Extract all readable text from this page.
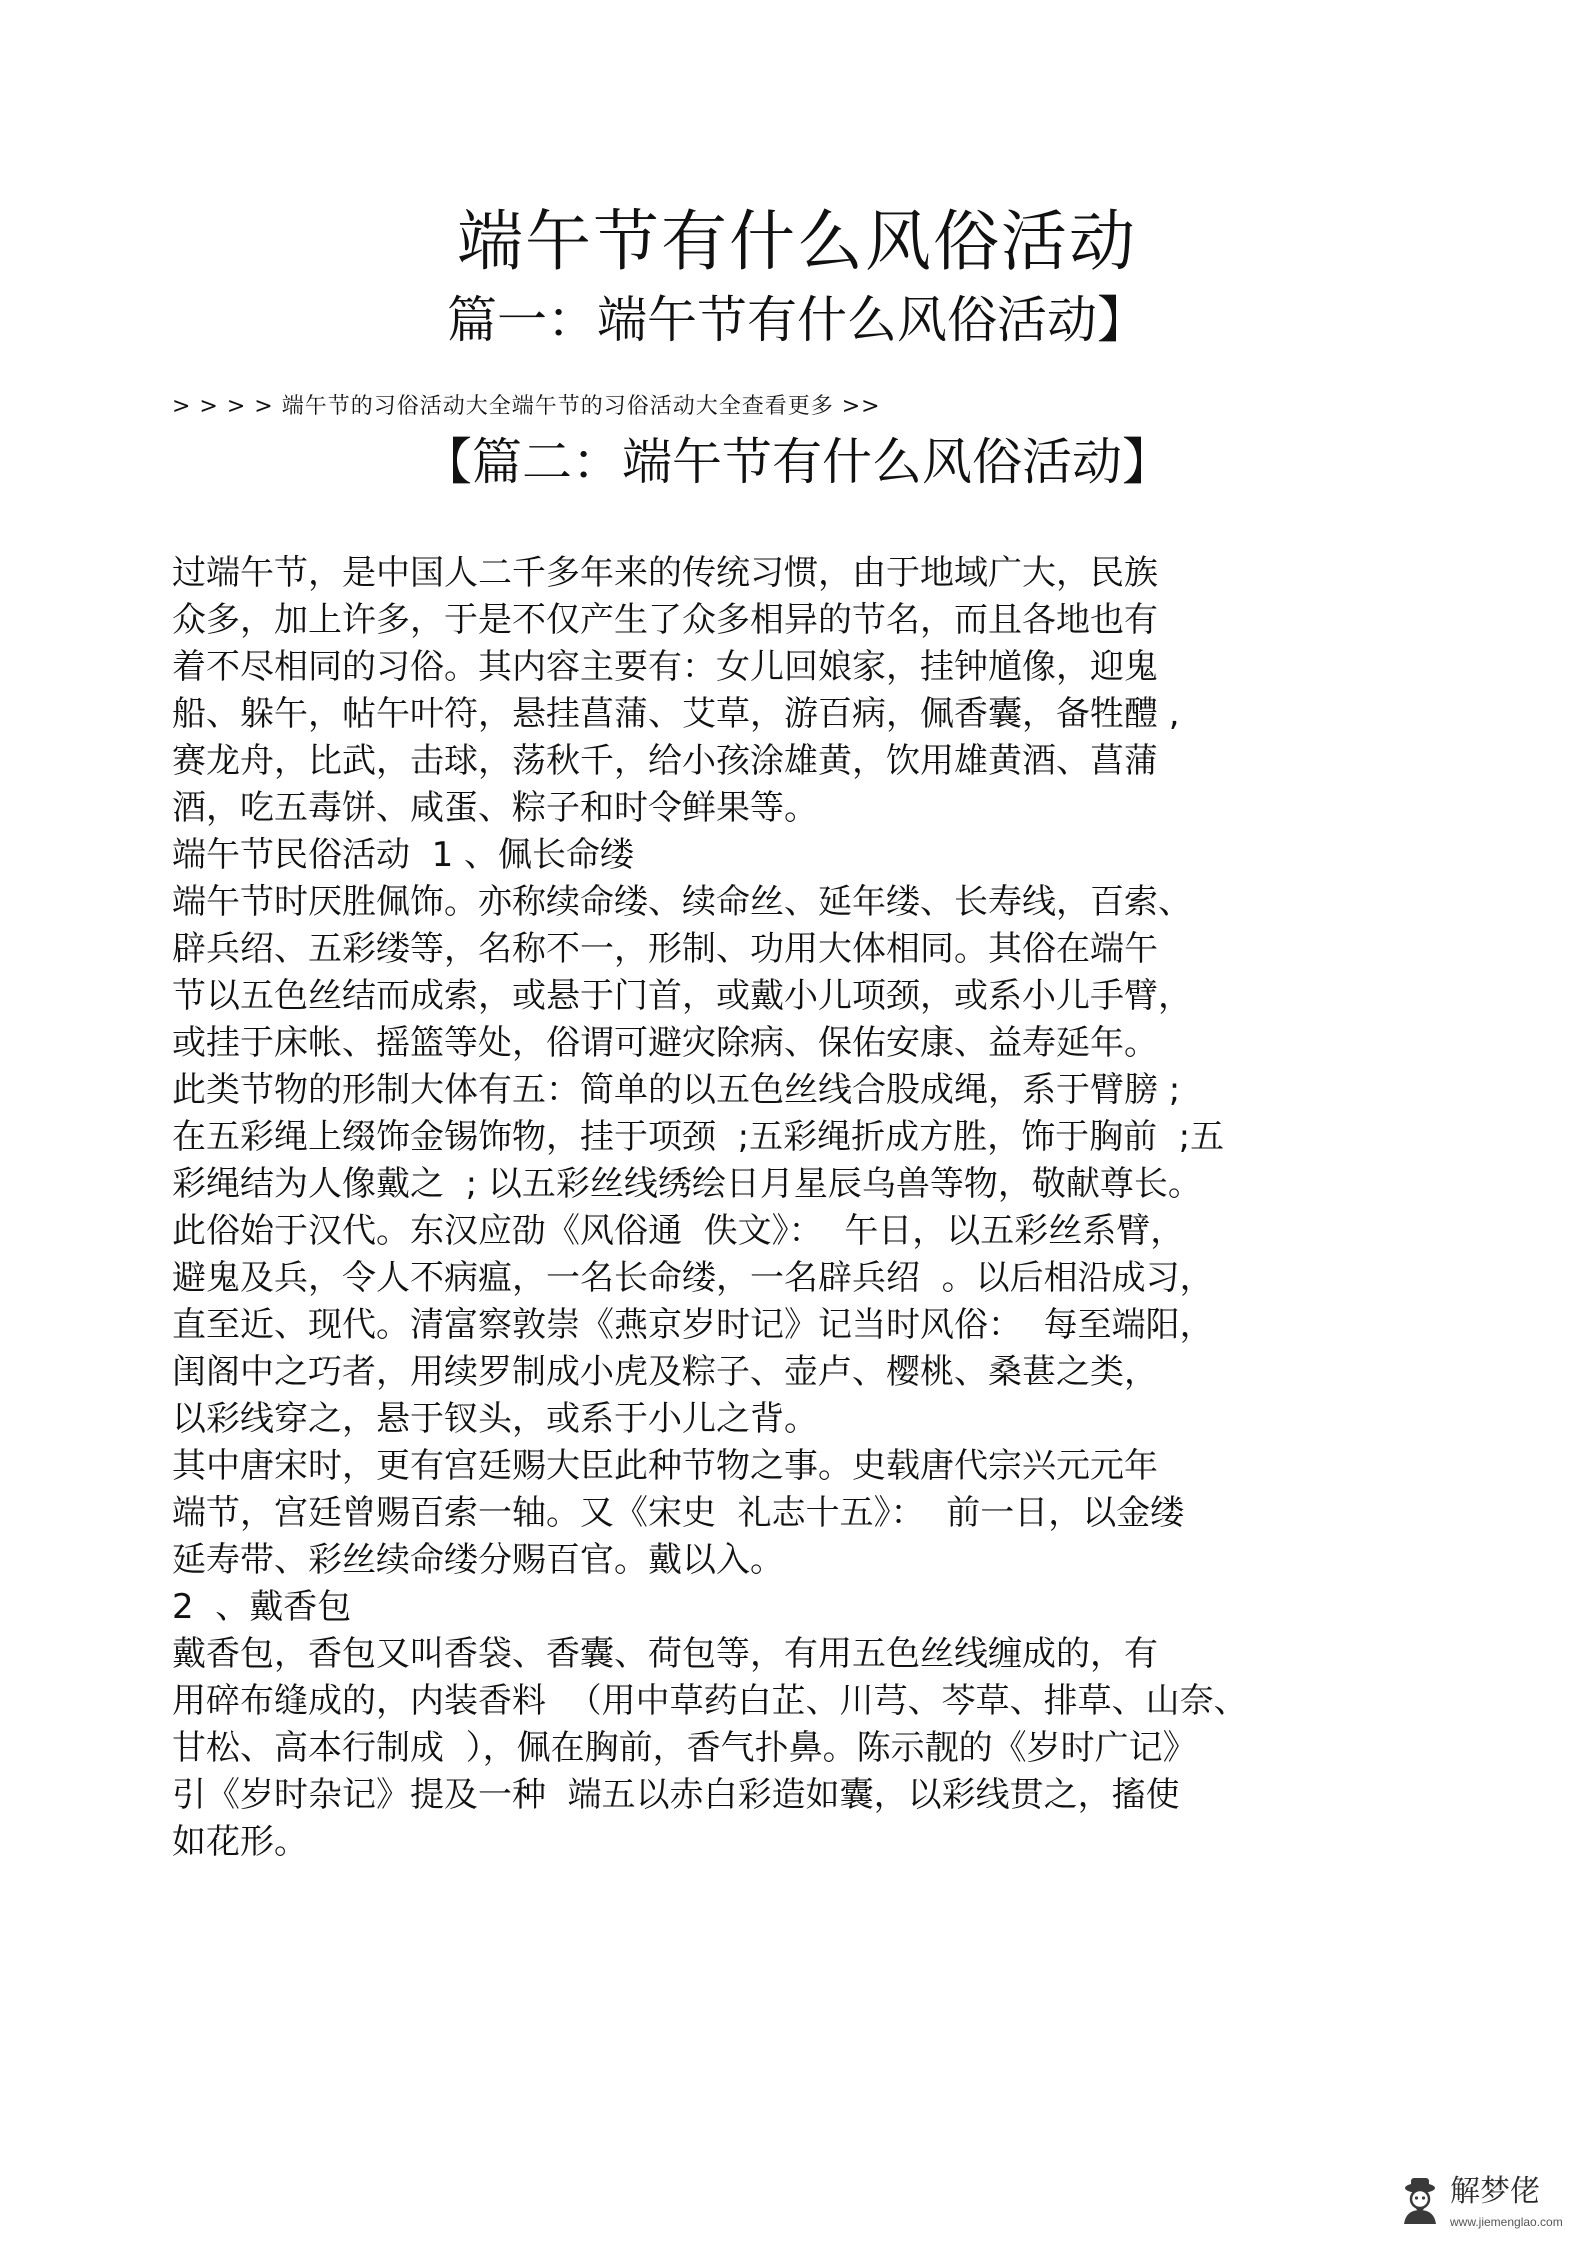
端午节有什么风俗活动
篇一：端午节有什么风俗活动】
> > > > 端午节的习俗活动大全端午节的习俗活动大全查看更多 >>
【篇二：端午节有什么风俗活动】
过端午节，是中国人二千多年来的传统习惯，由于地域广大，民族
众多，加上许多，于是不仅产生了众多相异的节名，而且各地也有
着不尽相同的习俗。其内容主要有：女儿回娘家，挂钟馗像，迎鬼
船、躲午，帖午叶符，悬挂菖蒲、艾草，游百病，佩香囊，备牲醴 ,
赛龙舟，比武，击球，荡秋千，给小孩涂雄黄，饮用雄黄酒、菖蒲
酒，吃五毒饼、咸蛋、粽子和时令鲜果等。
端午节民俗活动  1 、佩长命缕
端午节时厌胜佩饰。亦称续命缕、续命丝、延年缕、长寿线，百索、
辟兵绍、五彩缕等，名称不一，形制、功用大体相同。其俗在端午
节以五色丝结而成索，或悬于门首，或戴小儿项颈，或系小儿手臂，
或挂于床帐、摇篮等处，俗谓可避灾除病、保佑安康、益寿延年。
此类节物的形制大体有五：简单的以五色丝线合股成绳，系于臂膀 ;
在五彩绳上缀饰金锡饰物，挂于项颈  ;五彩绳折成方胜，饰于胸前  ;五
彩绳结为人像戴之  ; 以五彩丝线绣绘日月星辰乌兽等物，敬献尊长。
此俗始于汉代。东汉应劭《风俗通  佚文》：  午日，以五彩丝系臂，
避鬼及兵，令人不病瘟，一名长命缕，一名辟兵绍  。以后相沿成习，
直至近、现代。清富察敦崇《燕京岁时记》记当时风俗：  每至端阳，
闺阁中之巧者，用续罗制成小虎及粽子、壶卢、樱桃、桑葚之类，
以彩线穿之，悬于钗头，或系于小儿之背。
其中唐宋时，更有宫廷赐大臣此种节物之事。史载唐代宗兴元元年
端节，宫廷曾赐百索一轴。又《宋史  礼志十五》：  前一日，以金缕
延寿带、彩丝续命缕分赐百官。戴以入。
2  、戴香包
戴香包，香包又叫香袋、香囊、荷包等，有用五色丝线缠成的，有
用碎布缝成的，内装香料  （用中草药白芷、川芎、芩草、排草、山奈、
甘松、高本行制成  ），佩在胸前，香气扑鼻。陈示靓的《岁时广记》
引《岁时杂记》提及一种  端五以赤白彩造如囊，以彩线贯之，搐使
如花形。
解梦佬
www.jiemenglao.com
